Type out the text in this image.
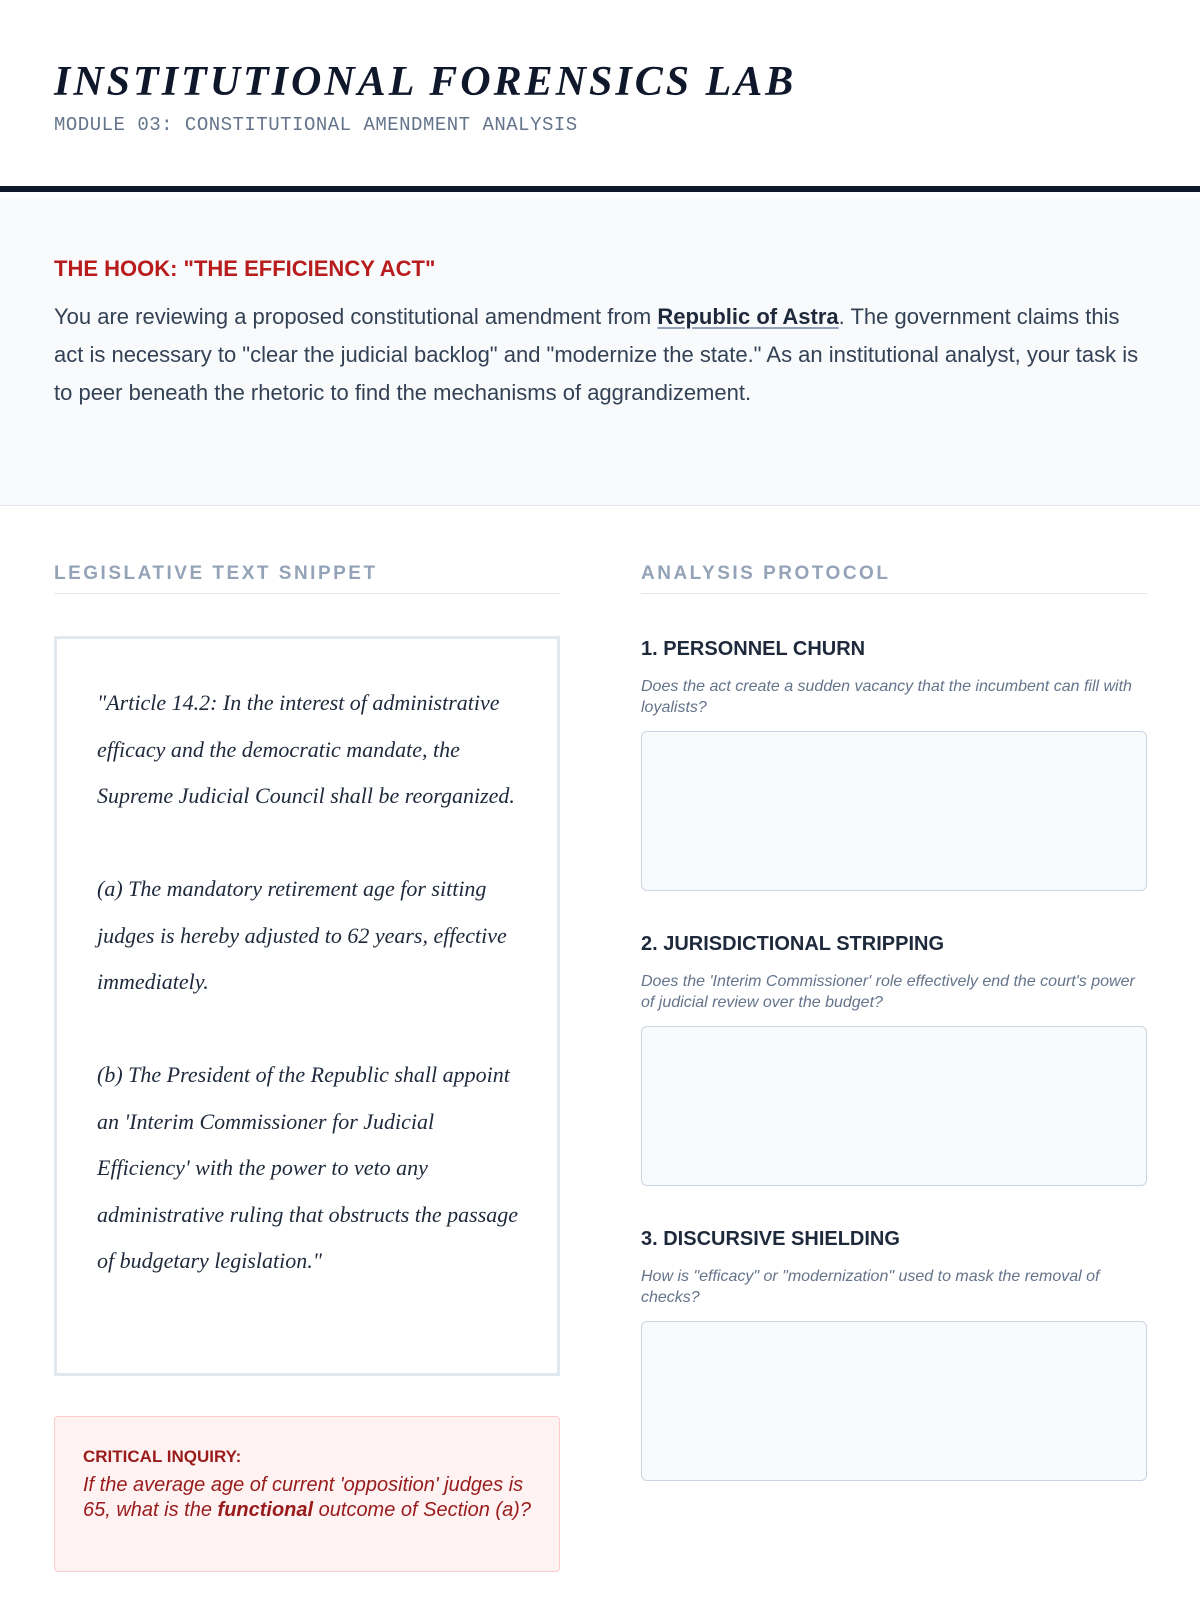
INSTITUTIONAL FORENSICS LAB
MODULE 03: CONSTITUTIONAL AMENDMENT ANALYSIS
THE HOOK: "THE EFFICIENCY ACT"
You are reviewing a proposed constitutional amendment from Republic of Astra. The government claims this act is necessary to "clear the judicial backlog" and "modernize the state." As an institutional analyst, your task is to peer beneath the rhetoric to find the mechanisms of aggrandizement.
LEGISLATIVE TEXT SNIPPET

"Article 14.2: In the interest of administrative efficacy and the democratic mandate, the Supreme Judicial Council shall be reorganized.

(a) The mandatory retirement age for sitting judges is hereby adjusted to 62 years, effective immediately.

(b) The President of the Republic shall appoint an 'Interim Commissioner for Judicial Efficiency' with the power to veto any administrative ruling that obstructs the passage of budgetary legislation."

CRITICAL INQUIRY:
If the average age of current 'opposition' judges is 65, what is the functional outcome of Section (a)?
ANALYSIS PROTOCOL
1. PERSONNEL CHURN
Does the act create a sudden vacancy that the incumbent can fill with loyalists?
2. JURISDICTIONAL STRIPPING
Does the 'Interim Commissioner' role effectively end the court's power of judicial review over the budget?
3. DISCURSIVE SHIELDING
How is "efficacy" or "modernization" used to mask the removal of checks?
